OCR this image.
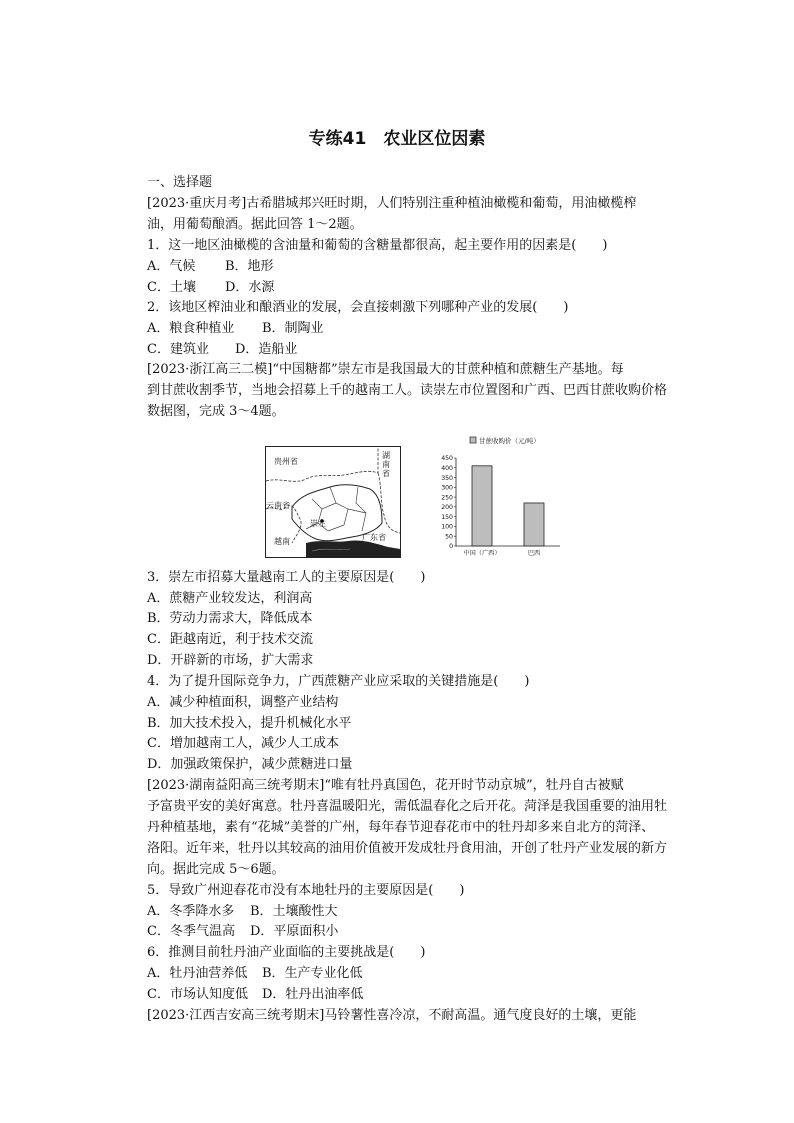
专练41　农业区位因素
一、选择题
[2023·重庆月考]古希腊城邦兴旺时期，人们特别注重种植油橄榄和葡萄，用油橄榄榨
油，用葡萄酿酒。据此回答 1～2题。
1．这一地区油橄榄的含油量和葡萄的含糖量都很高，起主要作用的因素是(　　)
A．气候 B．地形
C．土壤 D．水源
2．该地区榨油业和酿酒业的发展，会直接刺激下列哪种产业的发展(　　)
A．粮食种植业 B．制陶业
C．建筑业 D．造船业
[2023·浙江高三二模]“中国糖都”崇左市是我国最大的甘蔗种植和蔗糖生产基地。每
到甘蔗收割季节，当地会招募上千的越南工人。读崇左市位置图和广西、巴西甘蔗收购价格
数据图，完成 3～4题。
贵州省
湖南省
云南省
崇左
广东省
越南
甘蔗收购价（元/吨）
450
400
350
300
250
200
150
100
50
0
中国（广西）	巴西
3．崇左市招募大量越南工人的主要原因是(　　)
A．蔗糖产业较发达，利润高
B．劳动力需求大，降低成本
C．距越南近，利于技术交流
D．开辟新的市场，扩大需求
4．为了提升国际竞争力，广西蔗糖产业应采取的关键措施是(　　)
A．减少种植面积，调整产业结构
B．加大技术投入，提升机械化水平
C．增加越南工人，减少人工成本
D．加强政策保护，减少蔗糖进口量
[2023·湖南益阳高三统考期末]“唯有牡丹真国色，花开时节动京城”，牡丹自古被赋
予富贵平安的美好寓意。牡丹喜温暖阳光，需低温春化之后开花。菏泽是我国重要的油用牡
丹种植基地，素有“花城”美誉的广州，每年春节迎春花市中的牡丹却多来自北方的菏泽、
洛阳。近年来，牡丹以其较高的油用价值被开发成牡丹食用油，开创了牡丹产业发展的新方
向。据此完成 5～6题。
5．导致广州迎春花市没有本地牡丹的主要原因是(　　)
A．冬季降水多 B．土壤酸性大
C．冬季气温高 D．平原面积小
6．推测目前牡丹油产业面临的主要挑战是(　　)
A．牡丹油营养低 B．生产专业化低
C．市场认知度低 D．牡丹出油率低
[2023·江西吉安高三统考期末]马铃薯性喜冷凉，不耐高温。通气度良好的土壤，更能
